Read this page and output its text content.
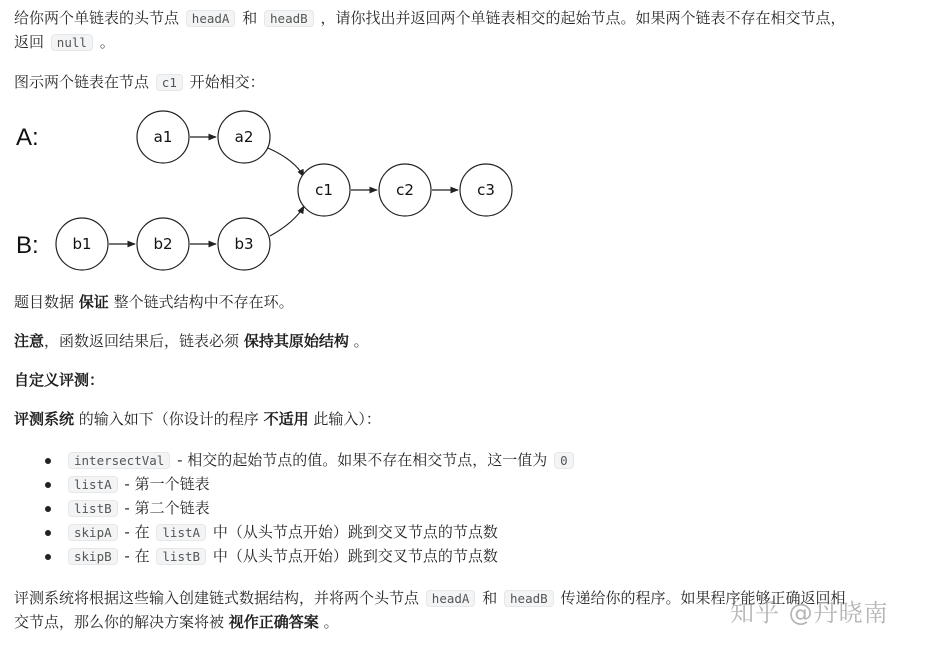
给你两个单链表的头节点 headA 和 headB ，请你找出并返回两个单链表相交的起始节点。如果两个链表不存在相交节点，
返回 null 。
图示两个链表在节点 c1 开始相交：
A:
B:
a1	a2
b1	b2	b3
c1	c2	c3
题目数据 保证 整个链式结构中不存在环。
注意，函数返回结果后，链表必须 保持其原始结构 。
自定义评测：
评测系统 的输入如下（你设计的程序 不适用 此输入）：
intersectVal - 相交的起始节点的值。如果不存在相交节点，这一值为 0
listA - 第一个链表
listB - 第二个链表
skipA - 在 listA 中（从头节点开始）跳到交叉节点的节点数
skipB - 在 listB 中（从头节点开始）跳到交叉节点的节点数
评测系统将根据这些输入创建链式数据结构，并将两个头节点 headA 和 headB 传递给你的程序。如果程序能够正确返回相
交节点，那么你的解决方案将被 视作正确答案 。	知乎 @丹晓南
